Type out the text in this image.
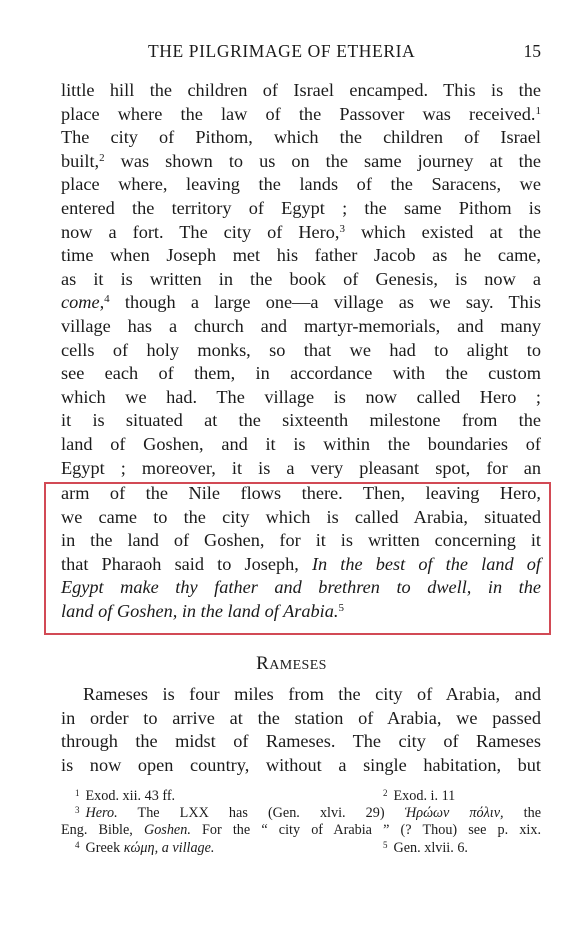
THE PILGRIMAGE OF ETHERIA	15
little hill the children of Israel encamped. This is the
place where the law of the Passover was received.$^1$
The city of Pithom, which the children of Israel
built,$^2$ was shown to us on the same journey at the
place where, leaving the lands of the Saracens, we
entered the territory of Egypt ; the same Pithom is
now a fort. The city of Hero,$^3$ which existed at the
time when Joseph met his father Jacob as he came,
as it is written in the book of Genesis, is now a
come,$^4$ though a large one—a village as we say. This
village has a church and martyr-memorials, and many
cells of holy monks, so that we had to alight to
see each of them, in accordance with the custom
which we had. The village is now called Hero ;
it is situated at the sixteenth milestone from the
land of Goshen, and it is within the boundaries of
Egypt ; moreover, it is a very pleasant spot, for an
arm of the Nile flows there. Then, leaving Hero,
we came to the city which is called Arabia, situated
in the land of Goshen, for it is written concerning it
that Pharaoh said to Joseph, In the best of the land of
Egypt make thy father and brethren to dwell, in the
land of Goshen, in the land of Arabia.$^5$
RAMESES
Rameses is four miles from the city of Arabia, and
in order to arrive at the station of Arabia, we passed
through the midst of Rameses. The city of Rameses
is now open country, without a single habitation, but
$^1$ Exod. xii. 43 ff.	$^2$ Exod. i. 11
$^3$ Hero. The LXX has (Gen. xlvi. 29) Ἡρώων πόλιν, the
Eng. Bible, Goshen. For the “ city of Arabia ” (? Thou) see p. xix.
$^4$ Greek κώμη, a village.	$^5$ Gen. xlvii. 6.
